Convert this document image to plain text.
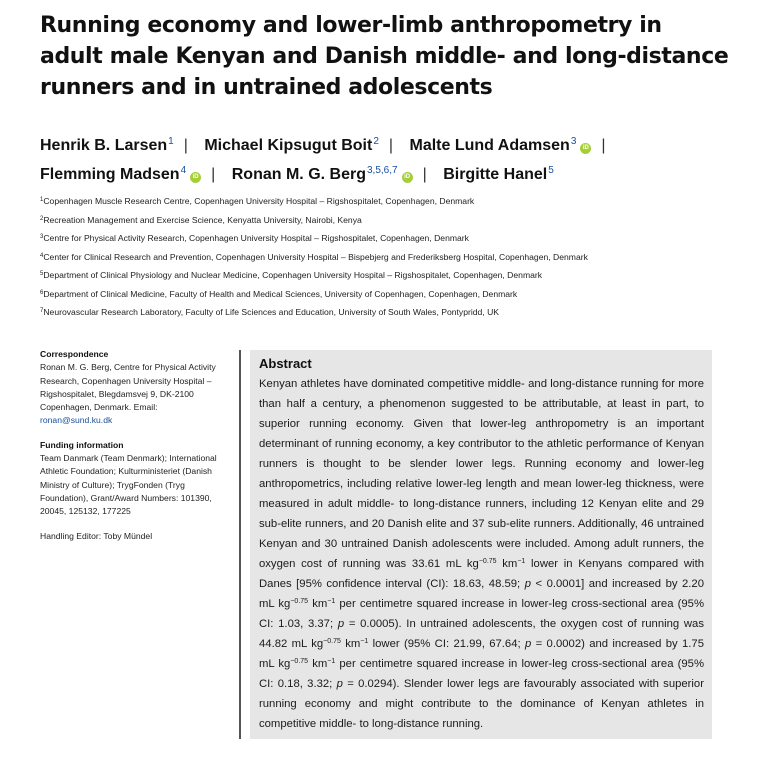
Running economy and lower-limb anthropometry in adult male Kenyan and Danish middle- and long-distance runners and in untrained adolescents
Henrik B. Larsen$^1$ | Michael Kipsugut Boit$^2$ | Malte Lund Adamsen$^3$iD |
Flemming Madsen$^4$iD | Ronan M. G. Berg$^{3,5,6,7}$iD | Birgitte Hanel$^5$
$^1$Copenhagen Muscle Research Centre, Copenhagen University Hospital – Rigshospitalet, Copenhagen, Denmark
$^2$Recreation Management and Exercise Science, Kenyatta University, Nairobi, Kenya
$^3$Centre for Physical Activity Research, Copenhagen University Hospital – Rigshospitalet, Copenhagen, Denmark
$^4$Center for Clinical Research and Prevention, Copenhagen University Hospital – Bispebjerg and Frederiksberg Hospital, Copenhagen, Denmark
$^5$Department of Clinical Physiology and Nuclear Medicine, Copenhagen University Hospital – Rigshospitalet, Copenhagen, Denmark
$^6$Department of Clinical Medicine, Faculty of Health and Medical Sciences, University of Copenhagen, Copenhagen, Denmark
$^7$Neurovascular Research Laboratory, Faculty of Life Sciences and Education, University of South Wales, Pontypridd, UK
Correspondence

Ronan M. G. Berg, Centre for Physical Activity Research, Copenhagen University Hospital – Rigshospitalet, Blegdamsvej 9, DK-2100 Copenhagen, Denmark. Email:
ronan@sund.ku.dk

Funding information

Team Danmark (Team Denmark); International Athletic Foundation; Kulturministeriet (Danish Ministry of Culture); TrygFonden (Tryg Foundation), Grant/Award Numbers: 101390, 20045, 125132, 177225

Handling Editor: Toby Mündel

Abstract

Kenyan athletes have dominated competitive middle- and long-distance running for more than half a century, a phenomenon suggested to be attributable, at least in part, to superior running economy. Given that lower-leg anthropometry is an important determinant of running economy, a key contributor to the athletic performance of Kenyan runners is thought to be slender lower legs. Running economy and lower-leg anthropometrics, including relative lower-leg length and mean lower-leg thickness, were measured in adult middle- to long-distance runners, including 12 Kenyan elite and 29 sub-elite runners, and 20 Danish elite and 37 sub-elite runners. Additionally, 46 untrained Kenyan and 30 untrained Danish adolescents were included. Among adult runners, the oxygen cost of running was 33.61 mL $kg^{-0.75}$ $km^{-1}$ lower in Kenyans compared with Danes [95% confidence interval (CI): 18.63, 48.59; p < 0.0001] and increased by 2.20 mL $kg^{-0.75}$ $km^{-1}$ per centimetre squared increase in lower-leg cross-sectional area (95% CI: 1.03, 3.37; p = 0.0005). In untrained adolescents, the oxygen cost of running was 44.82 mL $kg^{-0.75}$ $km^{-1}$ lower (95% CI: 21.99, 67.64; p = 0.0002) and increased by 1.75 mL $kg^{-0.75}$ $km^{-1}$ per centimetre squared increase in lower-leg cross-sectional area (95% CI: 0.18, 3.32; p = 0.0294). Slender lower legs are favourably associated with superior running economy and might contribute to the dominance of Kenyan athletes in competitive middle- to long-distance running.
